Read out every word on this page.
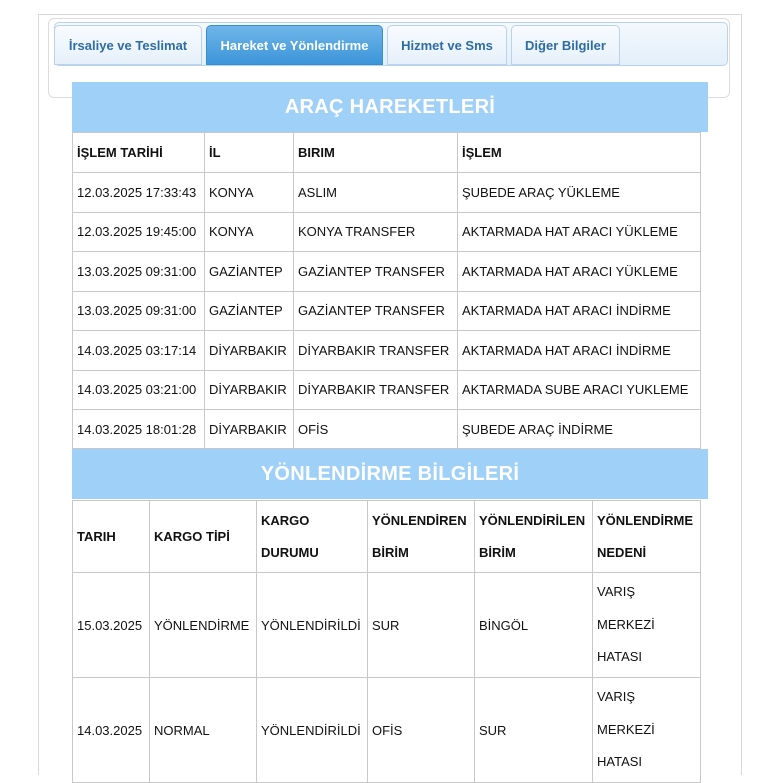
İrsaliye ve Teslimat	Hareket ve Yönlendirme	Hizmet ve Sms	Diğer Bilgiler
ARAÇ HAREKETLERİ
İŞLEM TARİHİ	İL	BIRIM	İŞLEM
12.03.2025 17:33:43	KONYA	ASLIM	ŞUBEDE ARAÇ YÜKLEME
12.03.2025 19:45:00	KONYA	KONYA TRANSFER	AKTARMADA HAT ARACI YÜKLEME
13.03.2025 09:31:00	GAZİANTEP	GAZİANTEP TRANSFER	AKTARMADA HAT ARACI YÜKLEME
13.03.2025 09:31:00	GAZİANTEP	GAZİANTEP TRANSFER	AKTARMADA HAT ARACI İNDİRME
14.03.2025 03:17:14	DİYARBAKIR	DİYARBAKIR TRANSFER	AKTARMADA HAT ARACI İNDİRME
14.03.2025 03:21:00	DİYARBAKIR	DİYARBAKIR TRANSFER	AKTARMADA SUBE ARACI YUKLEME
14.03.2025 18:01:28	DİYARBAKIR	OFİS	ŞUBEDE ARAÇ İNDİRME
YÖNLENDİRME BİLGİLERİ
TARIH	KARGO TİPİ	KARGO DURUMU	YÖNLENDİREN BİRİM	YÖNLENDİRİLEN BİRİM	YÖNLENDİRME NEDENİ
15.03.2025	YÖNLENDİRME	YÖNLENDİRİLDİ	SUR	BİNGÖL	VARIŞ MERKEZİ HATASI
14.03.2025	NORMAL	YÖNLENDİRİLDİ	OFİS	SUR	VARIŞ MERKEZİ HATASI
